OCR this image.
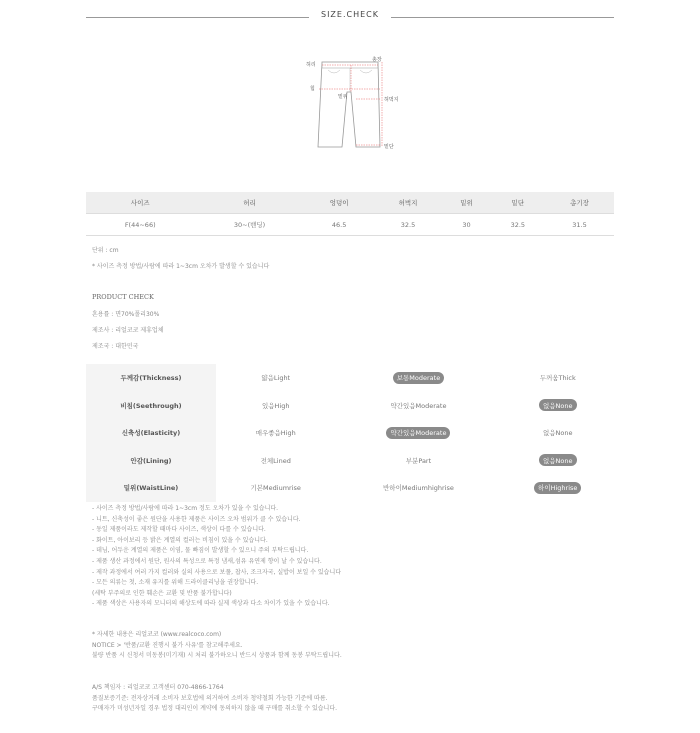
SIZE.CHECK
허리
총장
힙
밑위	허벅지
밑단
사이즈	허리	엉덩이	허벅지	밑위	밑단	총기장
F(44~66)	30~(밴딩)	46.5	32.5	30	32.5	31.5
단위 : cm
* 사이즈 측정 방법/사람에 따라 1~3cm 오차가 발생할 수 있습니다
PRODUCT CHECK
혼용률 : 면70%폴리30%
제조사 : 리얼코코 제휴업체
제조국 : 대한민국
두께감(Thickness)	얇음Light	보통Moderate	두꺼움Thick
비침(Seethrough)	있음High	약간있음Moderate	없음None
신축성(Elasticity)	매우좋음High	약간있음Moderate	없음None
안감(Lining)	전체Lined	부분Part	없음None
밑위(WaistLine)	기본Mediumrise	반하이Mediumhighrise	하이Highrise
- 사이즈 측정 방법/사람에 따라 1~3cm 정도 오차가 있을 수 있습니다.
- 니트, 신축성이 좋은 원단을 사용한 제품은 사이즈 오차 범위가 클 수 있습니다.
- 동일 제품이라도 제작할 때마다 사이즈, 색상이 다를 수 있습니다.
- 화이트, 아이보리 등 밝은 계열의 컬러는 비침이 있을 수 있습니다.
- 데님, 어두운 계열의 제품은 이염, 물 빠짐이 발생할 수 있으니 주의 부탁드립니다.
- 제품 생산 과정에서 원단, 원사의 특성으로 특정 냄새,섬유 유연제 향이 날 수 있습니다.
- 제작 과정에서 여러 가지 컬러와 실의 사용으로 보풀, 찹사, 조크자국, 실밥이 보일 수 있습니다
- 모든 의류는 첫, 소재 유지를 위해 드라이클리닝을 권장합니다.
(세탁 부주의로 인한 훼손은 교환 및 반품 불가합니다)
- 제품 색상은 사용자의 모니터의 해상도에 따라 실제 색상과 다소 차이가 있을 수 있습니다.
* 자세한 내용은 리얼코코 (www.realcoco.com)
NOTICE > '반품/교환 진행시 불가 사유'를 참고해주세요.
불량 반품 시 신청서 미동봉(미기재) 시 처리 불가하오니 반드시 상품과 함께 동봉 부탁드립니다.
A/S 책임자 : 리얼코코 고객센터 070-4866-1764
품질보증기준: 전자상거래 소비자 보호법에 의거하여 소비자 청약철회 가능한 기준에 따름.
구매자가 미성년자일 경우 법정 대리인이 계약에 동의하지 않을 때 구매를 취소할 수 있습니다.
